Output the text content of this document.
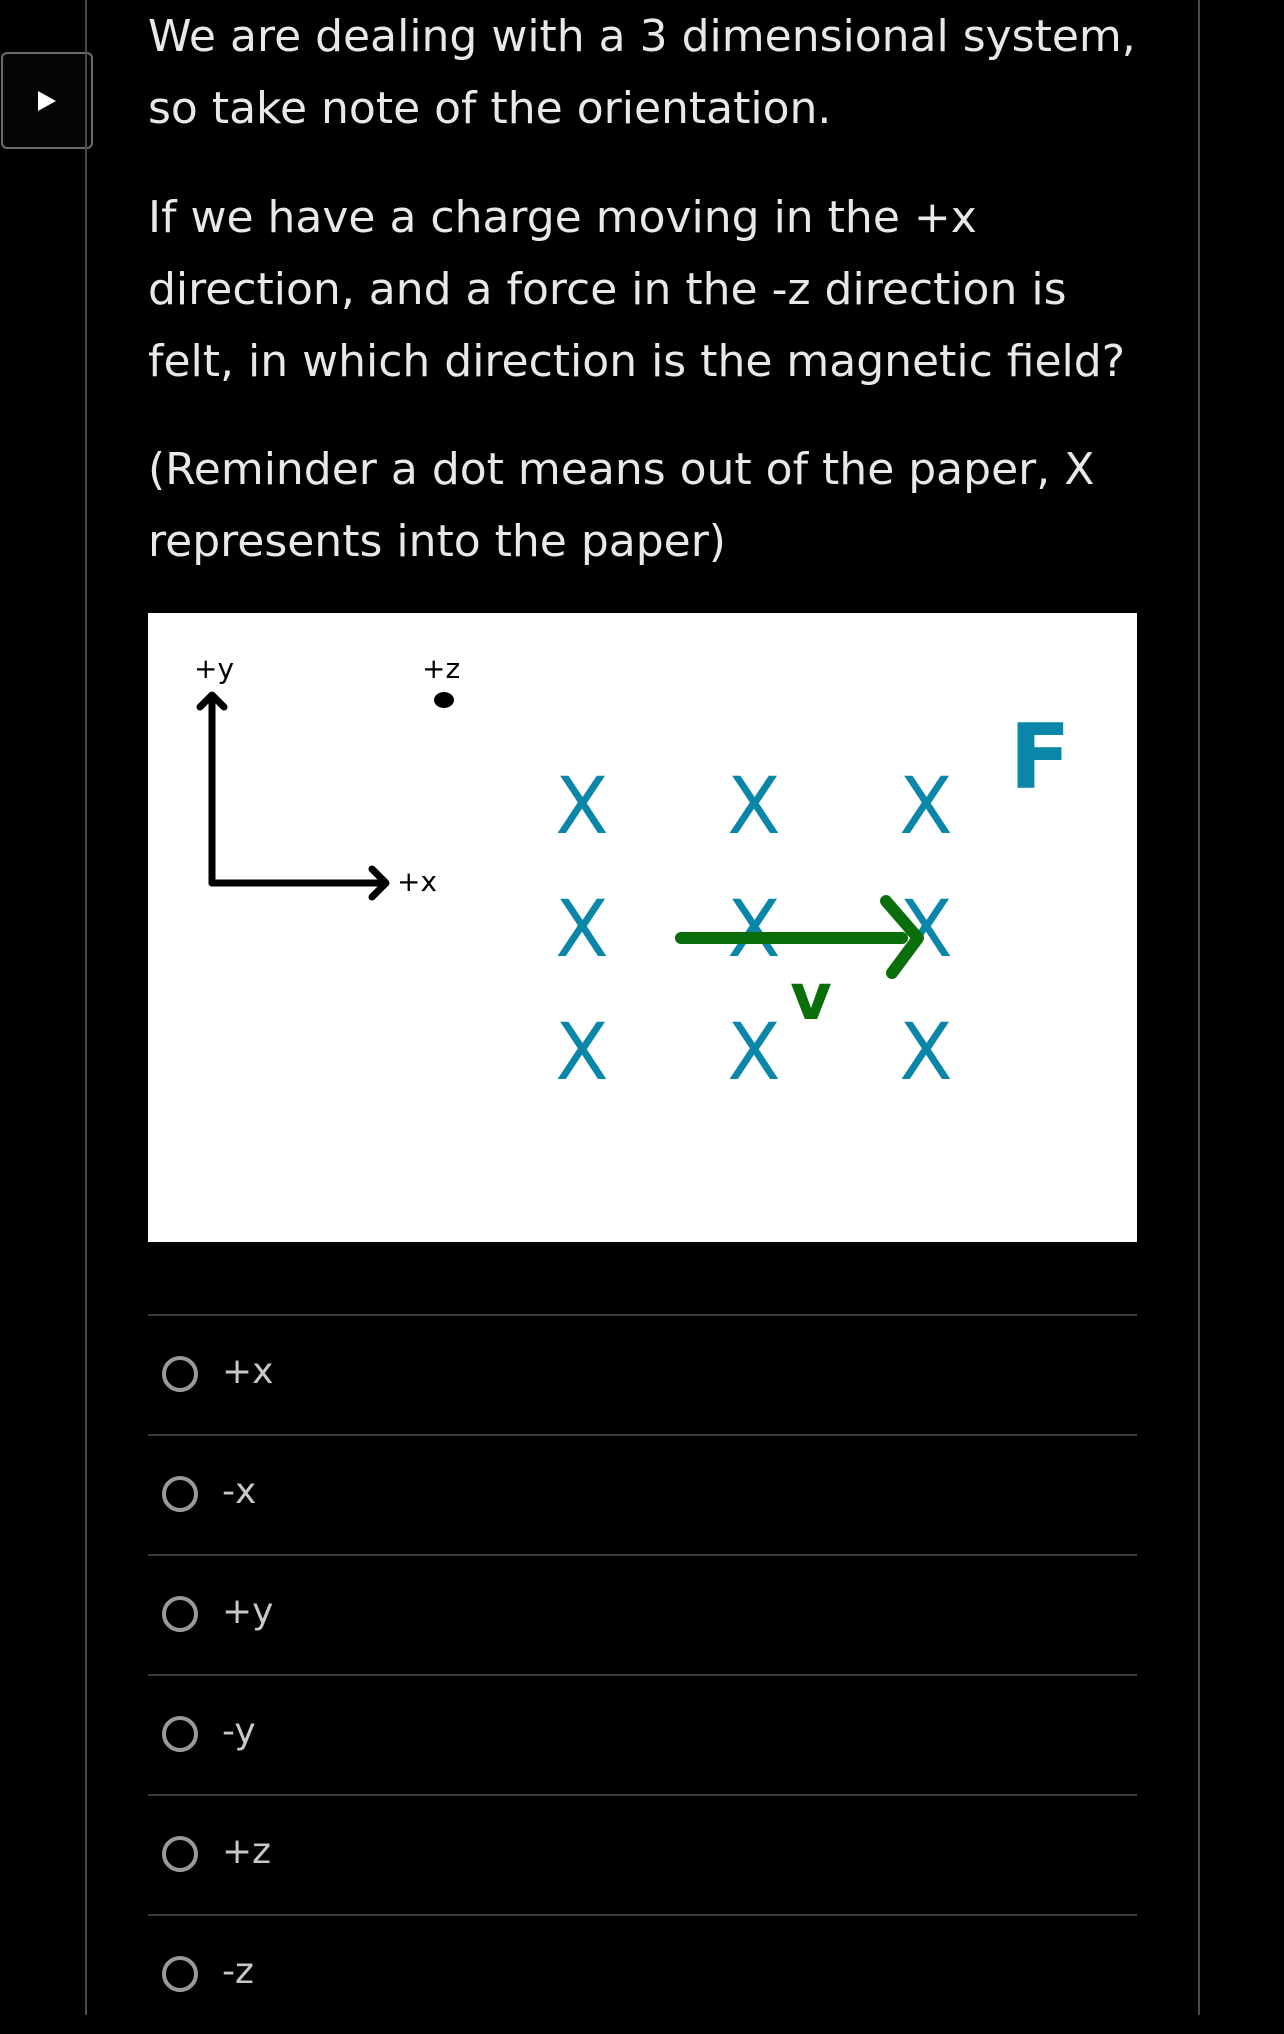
We are dealing with a 3 dimensional system, so take note of the orientation.

If we have a charge moving in the +x direction, and a force in the -z direction is felt, in which direction is the magnetic field?

(Reminder a dot means out of the paper, X represents into the paper)

+y	+z
+x
X X X
X X X
X X X
v
F
+x
-x
+y
-y
+z
-z
